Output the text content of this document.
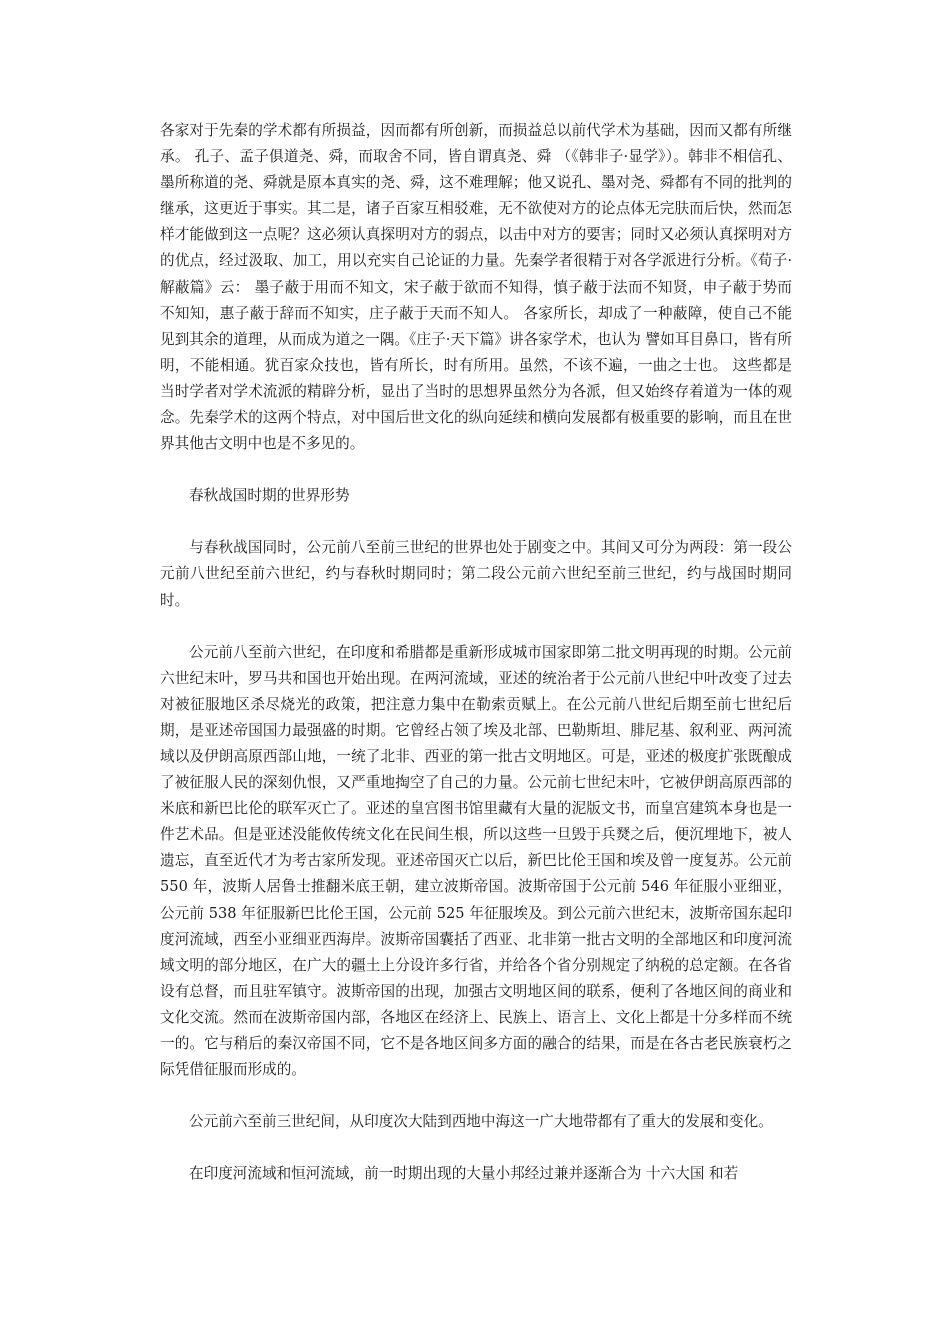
各家对于先秦的学术都有所损益，因而都有所创新，而损益总以前代学术为基础，因而又都有所继承。 孔子、孟子俱道尧、舜，而取舍不同，皆自谓真尧、舜 （《韩非子·显学》）。韩非不相信孔、墨所称道的尧、舜就是原本真实的尧、舜，这不难理解；他又说孔、墨对尧、舜都有不同的批判的继承，这更近于事实。其二是，诸子百家互相驳难，无不欲使对方的论点体无完肤而后快，然而怎样才能做到这一点呢？这必须认真探明对方的弱点，以击中对方的要害；同时又必须认真探明对方的优点，经过汲取、加工，用以充实自己论证的力量。先秦学者很精于对各学派进行分析。《荀子·解蔽篇》云： 墨子蔽于用而不知文，宋子蔽于欲而不知得，慎子蔽于法而不知贤，申子蔽于势而不知知，惠子蔽于辞而不知实，庄子蔽于天而不知人。 各家所长，却成了一种蔽障，使自己不能见到其余的道理，从而成为道之一隅。《庄子·天下篇》讲各家学术，也认为 譬如耳目鼻口，皆有所明，不能相通。犹百家众技也，皆有所长，时有所用。虽然，不该不遍，一曲之士也。 这些都是当时学者对学术流派的精辟分析，显出了当时的思想界虽然分为各派，但又始终存着道为一体的观念。先秦学术的这两个特点，对中国后世文化的纵向延续和横向发展都有极重要的影响，而且在世界其他古文明中也是不多见的。

春秋战国时期的世界形势

与春秋战国同时，公元前八至前三世纪的世界也处于剧变之中。其间又可分为两段：第一段公元前八世纪至前六世纪，约与春秋时期同时；第二段公元前六世纪至前三世纪，约与战国时期同时。

公元前八至前六世纪，在印度和希腊都是重新形成城市国家即第二批文明再现的时期。公元前六世纪末叶，罗马共和国也开始出现。在两河流域，亚述的统治者于公元前八世纪中叶改变了过去对被征服地区杀尽烧光的政策，把注意力集中在勒索贡赋上。在公元前八世纪后期至前七世纪后期，是亚述帝国国力最强盛的时期。它曾经占领了埃及北部、巴勒斯坦、腓尼基、叙利亚、两河流域以及伊朗高原西部山地，一统了北非、西亚的第一批古文明地区。可是，亚述的极度扩张既酿成了被征服人民的深刻仇恨，又严重地掏空了自己的力量。公元前七世纪末叶，它被伊朗高原西部的米底和新巴比伦的联军灭亡了。亚述的皇宫图书馆里藏有大量的泥版文书，而皇宫建筑本身也是一件艺术品。但是亚述没能攸传统文化在民间生根，所以这些一旦毁于兵燹之后，便沉埋地下，被人遗忘，直至近代才为考古家所发现。亚述帝国灭亡以后，新巴比伦王国和埃及曾一度复苏。公元前 550 年，波斯人居鲁士推翻米底王朝，建立波斯帝国。波斯帝国于公元前 546 年征服小亚细亚，公元前 538 年征服新巴比伦王国，公元前 525 年征服埃及。到公元前六世纪末，波斯帝国东起印度河流域，西至小亚细亚西海岸。波斯帝国囊括了西亚、北非第一批古文明的全部地区和印度河流域文明的部分地区，在广大的疆土上分设许多行省，并给各个省分别规定了纳税的总定额。在各省设有总督，而且驻军镇守。波斯帝国的出现，加强古文明地区间的联系，便利了各地区间的商业和文化交流。然而在波斯帝国内部，各地区在经济上、民族上、语言上、文化上都是十分多样而不统一的。它与稍后的秦汉帝国不同，它不是各地区间多方面的融合的结果，而是在各古老民族衰朽之际凭借征服而形成的。

公元前六至前三世纪间，从印度次大陆到西地中海这一广大地带都有了重大的发展和变化。

在印度河流域和恒河流域，前一时期出现的大量小邦经过兼并逐渐合为 十六大国 和若
